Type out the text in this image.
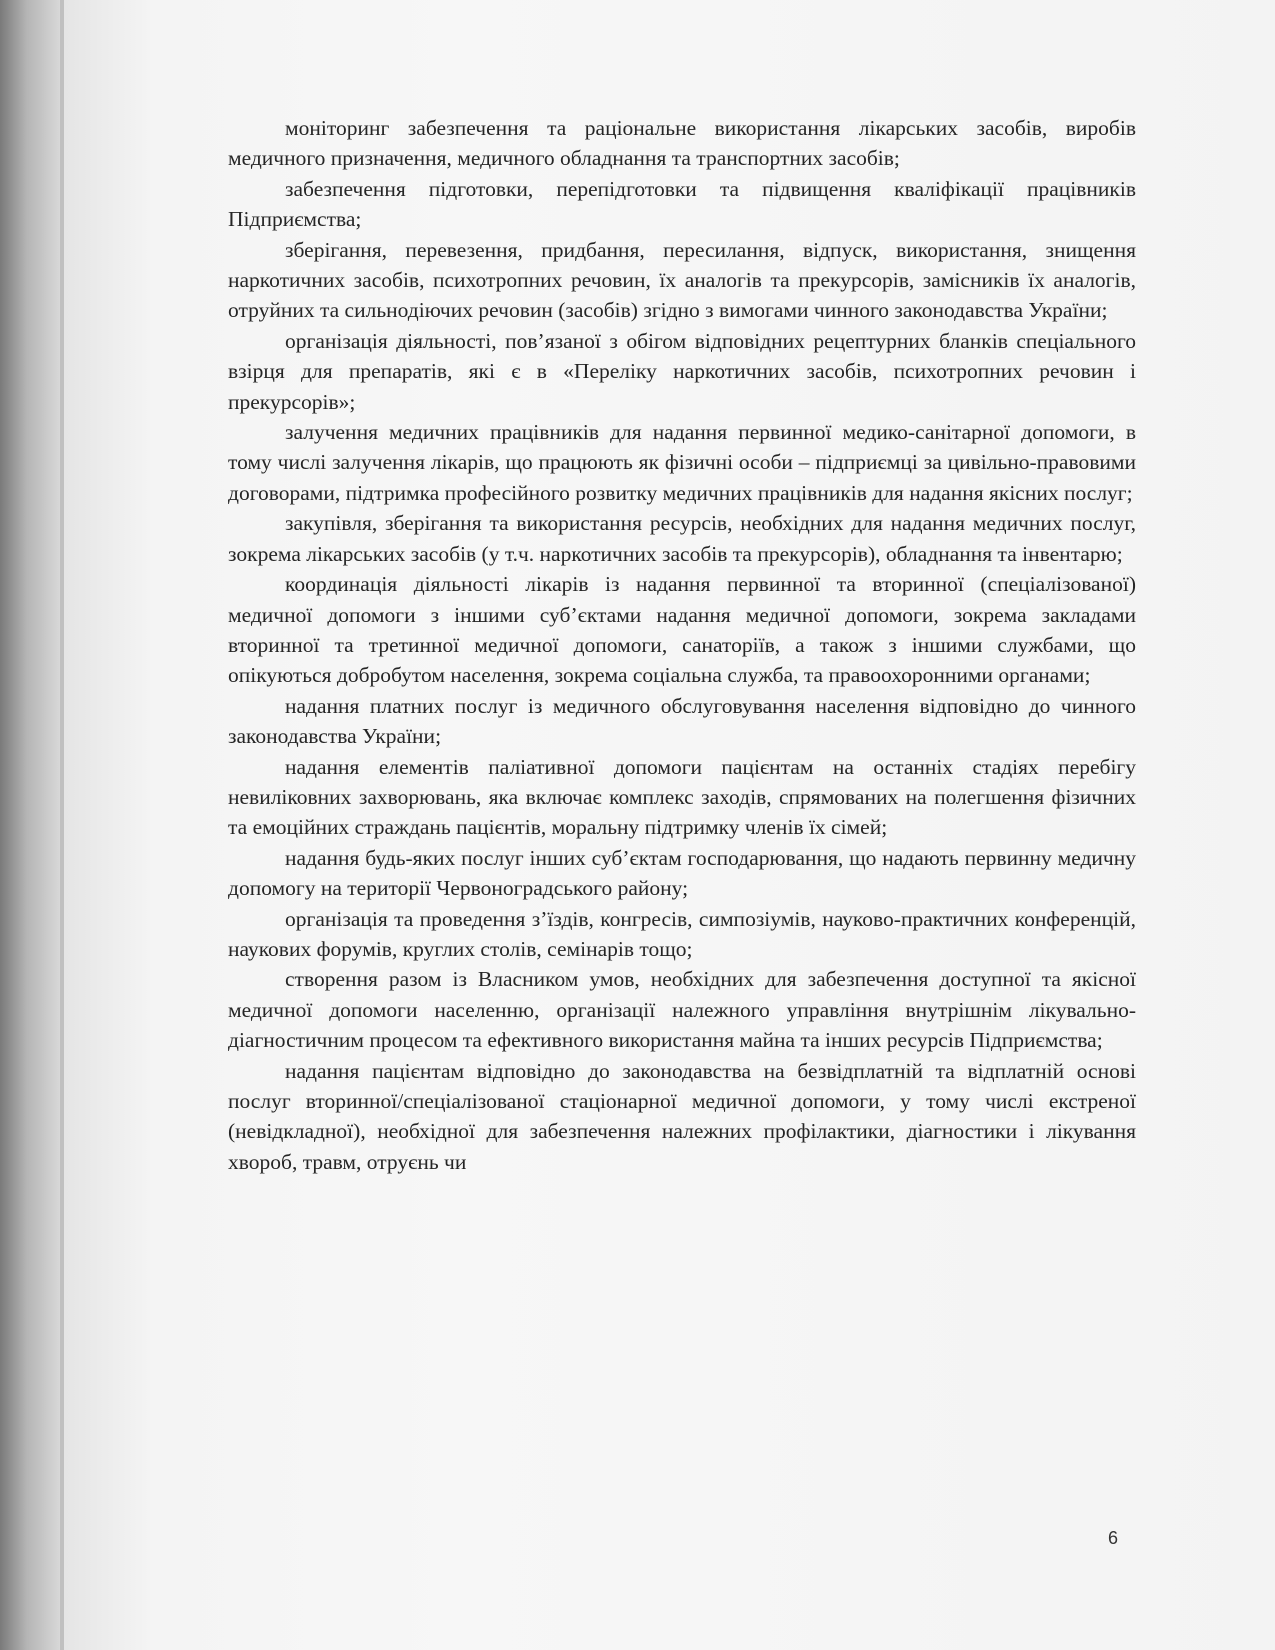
моніторинг забезпечення та раціональне використання лікарських засобів, виробів медичного призначення, медичного обладнання та транспортних засобів;

забезпечення підготовки, перепідготовки та підвищення кваліфікації працівників Підприємства;

зберігання, перевезення, придбання, пересилання, відпуск, використання, знищення наркотичних засобів, психотропних речовин, їх аналогів та прекурсорів, замісників їх аналогів, отруйних та сильнодіючих речовин (засобів) згідно з вимогами чинного законодавства України;

організація діяльності, пов’язаної з обігом відповідних рецептурних бланків спеціального взірця для препаратів, які є в «Переліку наркотичних засобів, психотропних речовин і прекурсорів»;

залучення медичних працівників для надання первинної медико-санітарної допомоги, в тому числі залучення лікарів, що працюють як фізичні особи – підприємці за цивільно-правовими договорами, підтримка професійного розвитку медичних працівників для надання якісних послуг;

закупівля, зберігання та використання ресурсів, необхідних для надання медичних послуг, зокрема лікарських засобів (у т.ч. наркотичних засобів та прекурсорів), обладнання та інвентарю;

координація діяльності лікарів із надання первинної та вторинної (спеціалізованої) медичної допомоги з іншими суб’єктами надання медичної допомоги, зокрема закладами вторинної та третинної медичної допомоги, санаторіїв, а також з іншими службами, що опікуються добробутом населення, зокрема соціальна служба, та правоохоронними органами;

надання платних послуг із медичного обслуговування населення відповідно до чинного законодавства України;

надання елементів паліативної допомоги пацієнтам на останніх стадіях перебігу невиліковних захворювань, яка включає комплекс заходів, спрямованих на полегшення фізичних та емоційних страждань пацієнтів, моральну підтримку членів їх сімей;

надання будь-яких послуг інших суб’єктам господарювання, що надають первинну медичну допомогу на території Червоноградського району;

організація та проведення з’їздів, конгресів, симпозіумів, науково-практичних конференцій, наукових форумів, круглих столів, семінарів тощо;

створення разом із Власником умов, необхідних для забезпечення доступної та якісної медичної допомоги населенню, організації належного управління внутрішнім лікувально-діагностичним процесом та ефективного використання майна та інших ресурсів Підприємства;

надання пацієнтам відповідно до законодавства на безвідплатній та відплатній основі послуг вторинної/спеціалізованої стаціонарної медичної допомоги, у тому числі екстреної (невідкладної), необхідної для забезпечення належних профілактики, діагностики і лікування хвороб, травм, отруєнь чи

6
